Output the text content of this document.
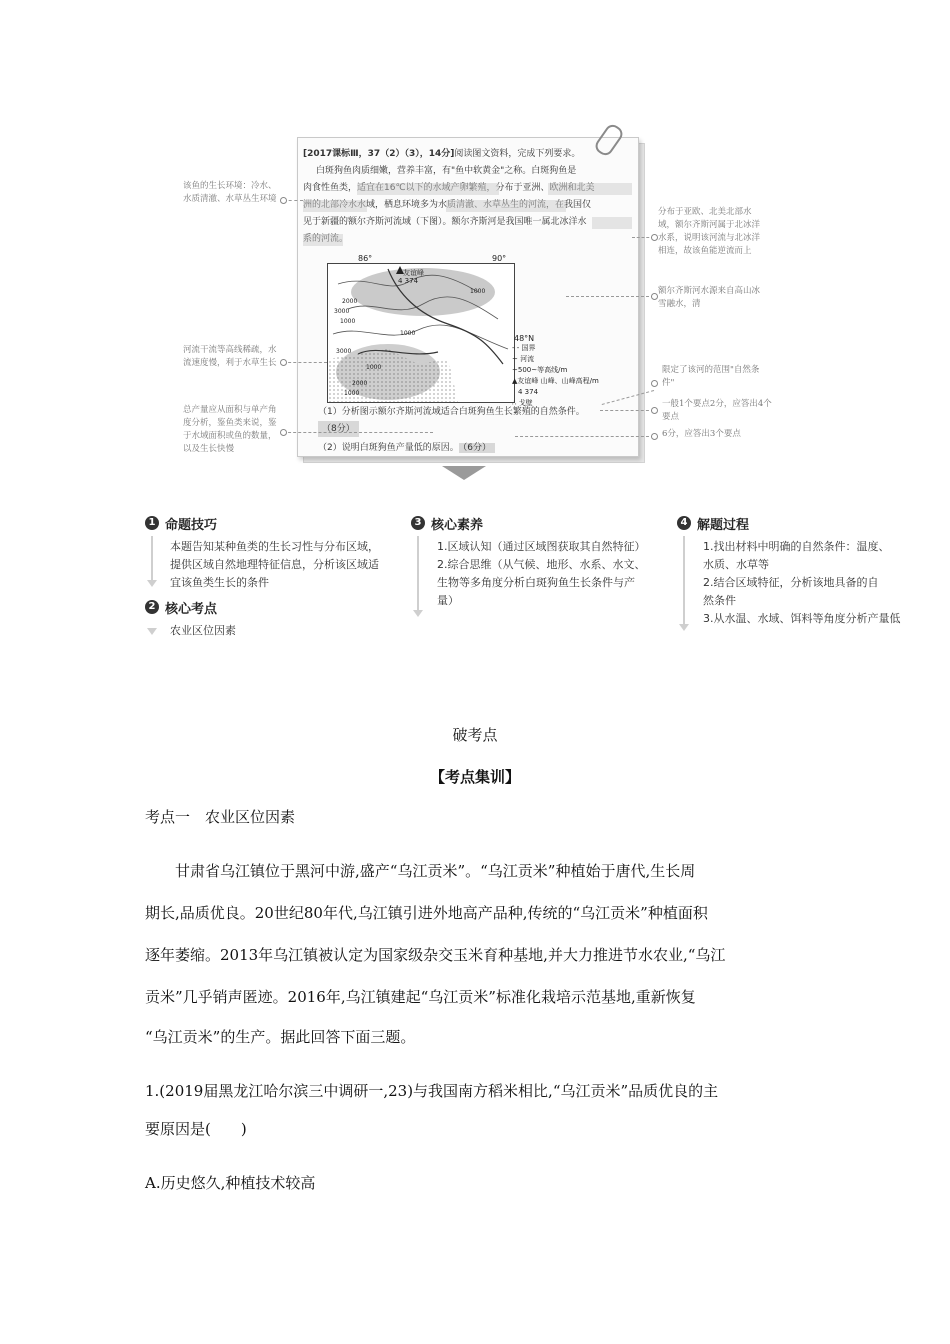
[2017课标Ⅲ，37（2）（3），14分]阅读图文资料，完成下列要求。
白斑狗鱼肉质细嫩，营养丰富，有"鱼中软黄金"之称。白斑狗鱼是
肉食性鱼类，适宜在16℃以下的水域产卵繁殖，分布于亚洲、欧洲和北美
洲的北部冷水水域，栖息环境多为水质清澈、水草丛生的河流，在我国仅
见于新疆的额尔齐斯河流域（下图）。额尔齐斯河是我国唯一属北冰洋水
系的河流。
86°	90°
友谊峰
4 374
1000
2000
3000
1000
3000
1000
1000
2000
1000
48°N
- - 国界
~ 河流
~500~等高线/m
▲友谊峰 山峰、山峰高程/m
4 374
∴ 戈壁
（1）分析图示额尔齐斯河流域适合白斑狗鱼生长繁殖的自然条件。
（8分）
（2）说明白斑狗鱼产量低的原因。 （6分）
该鱼的生长环境：冷水、水质清澈、水草丛生环境
河流干流等高线稀疏，水流速度慢，利于水草生长
总产量应从面积与单产角度分析，鉴鱼类来说，鉴于水域面积或鱼的数量，以及生长快慢
分布于亚欧、北美北部水域，额尔齐斯河属于北冰洋水系，说明该河流与北冰洋相连，故该鱼能逆流而上
额尔齐斯河水源来自高山冰雪融水，清
限定了该河的范围"自然条件"
一般1个要点2分，应答出4个要点
6分，应答出3个要点
1 命题技巧
本题告知某种鱼类的生长习性与分布区域，
提供区域自然地理特征信息，分析该区域适
宜该鱼类生长的条件
2 核心考点
农业区位因素
3 核心素养
1.区域认知（通过区域图获取其自然特征）
2.综合思维（从气候、地形、水系、水文、
生物等多角度分析白斑狗鱼生长条件与产
量）
4 解题过程
1.找出材料中明确的自然条件：温度、
水质、水草等
2.结合区域特征，分析该地具备的自
然条件
3.从水温、水域、饵料等角度分析产量低
破考点
【考点集训】
考点一　农业区位因素
甘肃省乌江镇位于黑河中游,盛产“乌江贡米”。“乌江贡米”种植始于唐代,生长周
期长,品质优良。20世纪80年代,乌江镇引进外地高产品种,传统的“乌江贡米”种植面积
逐年萎缩。2013年乌江镇被认定为国家级杂交玉米育种基地,并大力推进节水农业,“乌江
贡米”几乎销声匿迹。2016年,乌江镇建起“乌江贡米”标准化栽培示范基地,重新恢复
“乌江贡米”的生产。据此回答下面三题。
1.(2019届黑龙江哈尔滨三中调研一,23)与我国南方稻米相比,“乌江贡米”品质优良的主
要原因是(　　)
A.历史悠久,种植技术较高
